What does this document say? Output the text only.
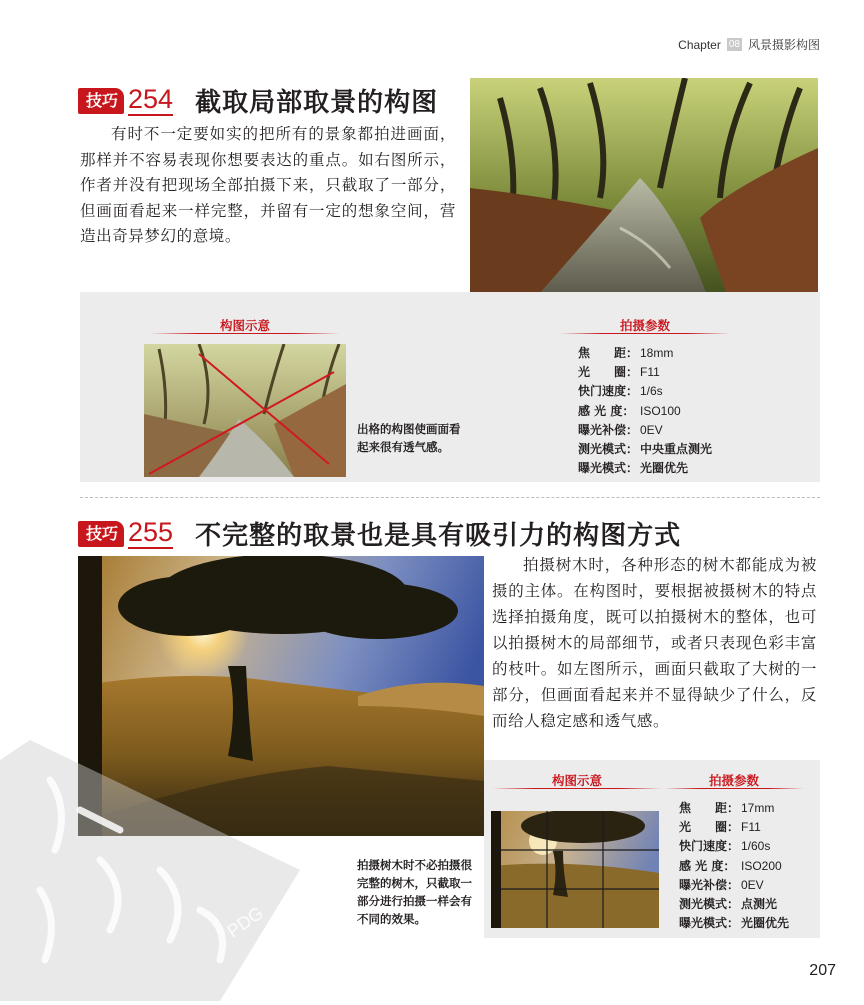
Chapter 08 风景摄影构图
技巧 254 截取局部取景的构图

有时不一定要如实的把所有的景象都拍进画面，那样并不容易表现你想要表达的重点。如右图所示，作者并没有把现场全部拍摄下来，只截取了一部分，但画面看起来一样完整，并留有一定的想象空间，营造出奇异梦幻的意境。

构图示意	拍摄参数
出格的构图使画面看起来很有透气感。
焦　　距： 18mm
光　　圈： F11
快门速度： 1/6s
感 光 度： ISO100
曝光补偿： 0EV
测光模式： 中央重点测光
曝光模式： 光圈优先
技巧 255 不完整的取景也是具有吸引力的构图方式

拍摄树木时，各种形态的树木都能成为被摄的主体。在构图时，要根据被摄树木的特点选择拍摄角度，既可以拍摄树木的整体，也可以拍摄树木的局部细节，或者只表现色彩丰富的枝叶。如左图所示，画面只截取了大树的一部分，但画面看起来并不显得缺少了什么，反而给人稳定感和透气感。

构图示意	拍摄参数
焦　　距： 17mm
光　　圈： F11
快门速度： 1/60s
感 光 度： ISO200
曝光补偿： 0EV
测光模式： 点测光
曝光模式： 光圈优先
拍摄树木时不必拍摄很完整的树木，只截取一部分进行拍摄一样会有不同的效果。
PDG
207
